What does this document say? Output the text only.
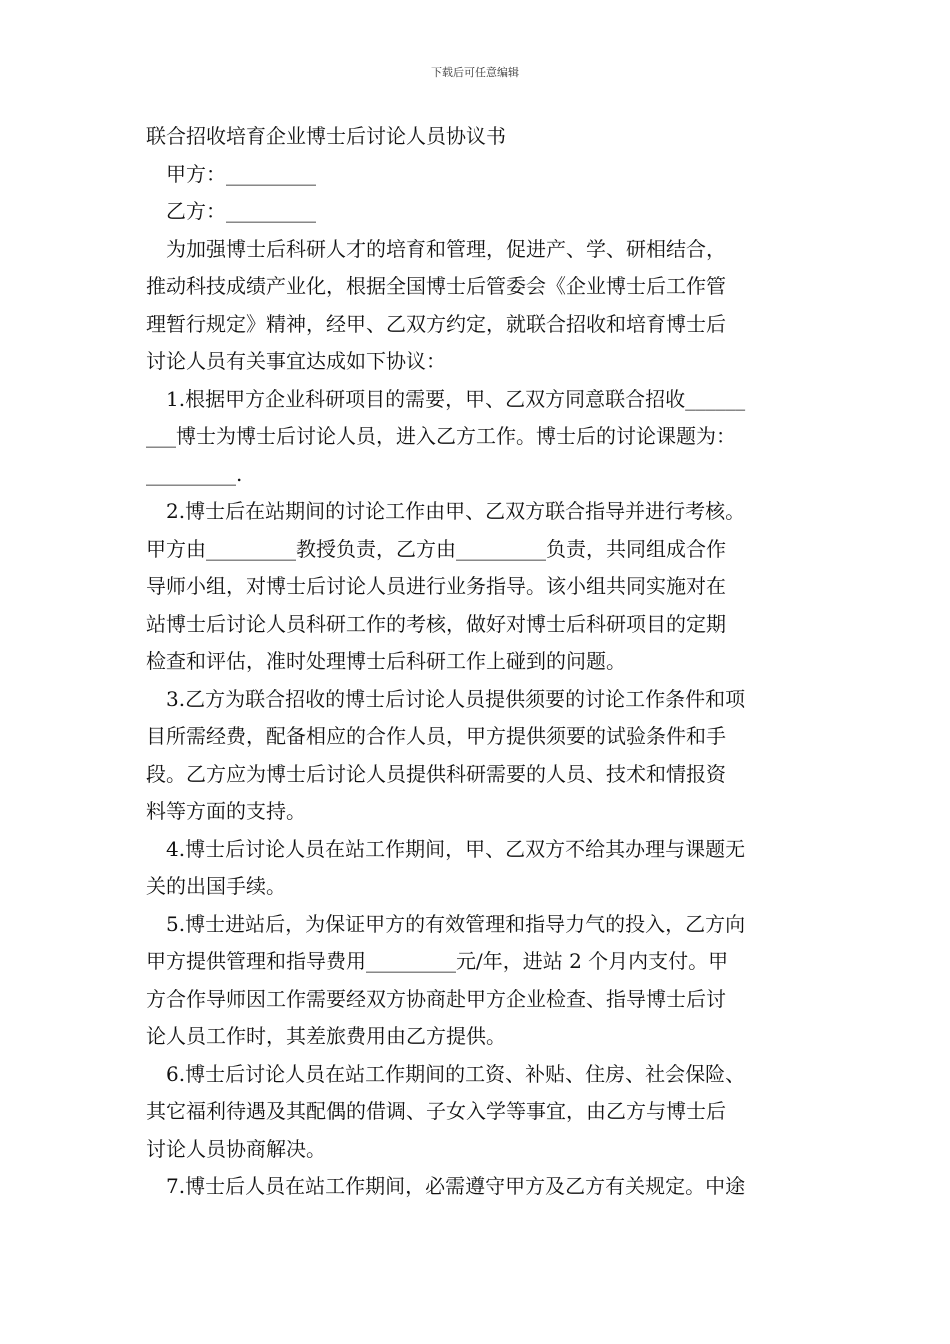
下载后可任意编辑
联合招收培育企业博士后讨论人员协议书
甲方：_________
乙方：_________
为加强博士后科研人才的培育和管理，促进产、学、研相结合，
推动科技成绩产业化，根据全国博士后管委会《企业博士后工作管
理暂行规定》精神，经甲、乙双方约定，就联合招收和培育博士后
讨论人员有关事宜达成如下协议：
1.根据甲方企业科研项目的需要，甲、乙双方同意联合招收______
___博士为博士后讨论人员，进入乙方工作。博士后的讨论课题为：
_________.
2.博士后在站期间的讨论工作由甲、乙双方联合指导并进行考核。
甲方由_________教授负责，乙方由_________负责，共同组成合作
导师小组，对博士后讨论人员进行业务指导。该小组共同实施对在
站博士后讨论人员科研工作的考核，做好对博士后科研项目的定期
检查和评估，准时处理博士后科研工作上碰到的问题。
3.乙方为联合招收的博士后讨论人员提供须要的讨论工作条件和项
目所需经费，配备相应的合作人员，甲方提供须要的试验条件和手
段。乙方应为博士后讨论人员提供科研需要的人员、技术和情报资
料等方面的支持。
4.博士后讨论人员在站工作期间，甲、乙双方不给其办理与课题无
关的出国手续。
5.博士进站后，为保证甲方的有效管理和指导力气的投入，乙方向
甲方提供管理和指导费用_________元/年，进站 2 个月内支付。甲
方合作导师因工作需要经双方协商赴甲方企业检查、指导博士后讨
论人员工作时，其差旅费用由乙方提供。
6.博士后讨论人员在站工作期间的工资、补贴、住房、社会保险、
其它福利待遇及其配偶的借调、子女入学等事宜，由乙方与博士后
讨论人员协商解决。
7.博士后人员在站工作期间，必需遵守甲方及乙方有关规定。中途
